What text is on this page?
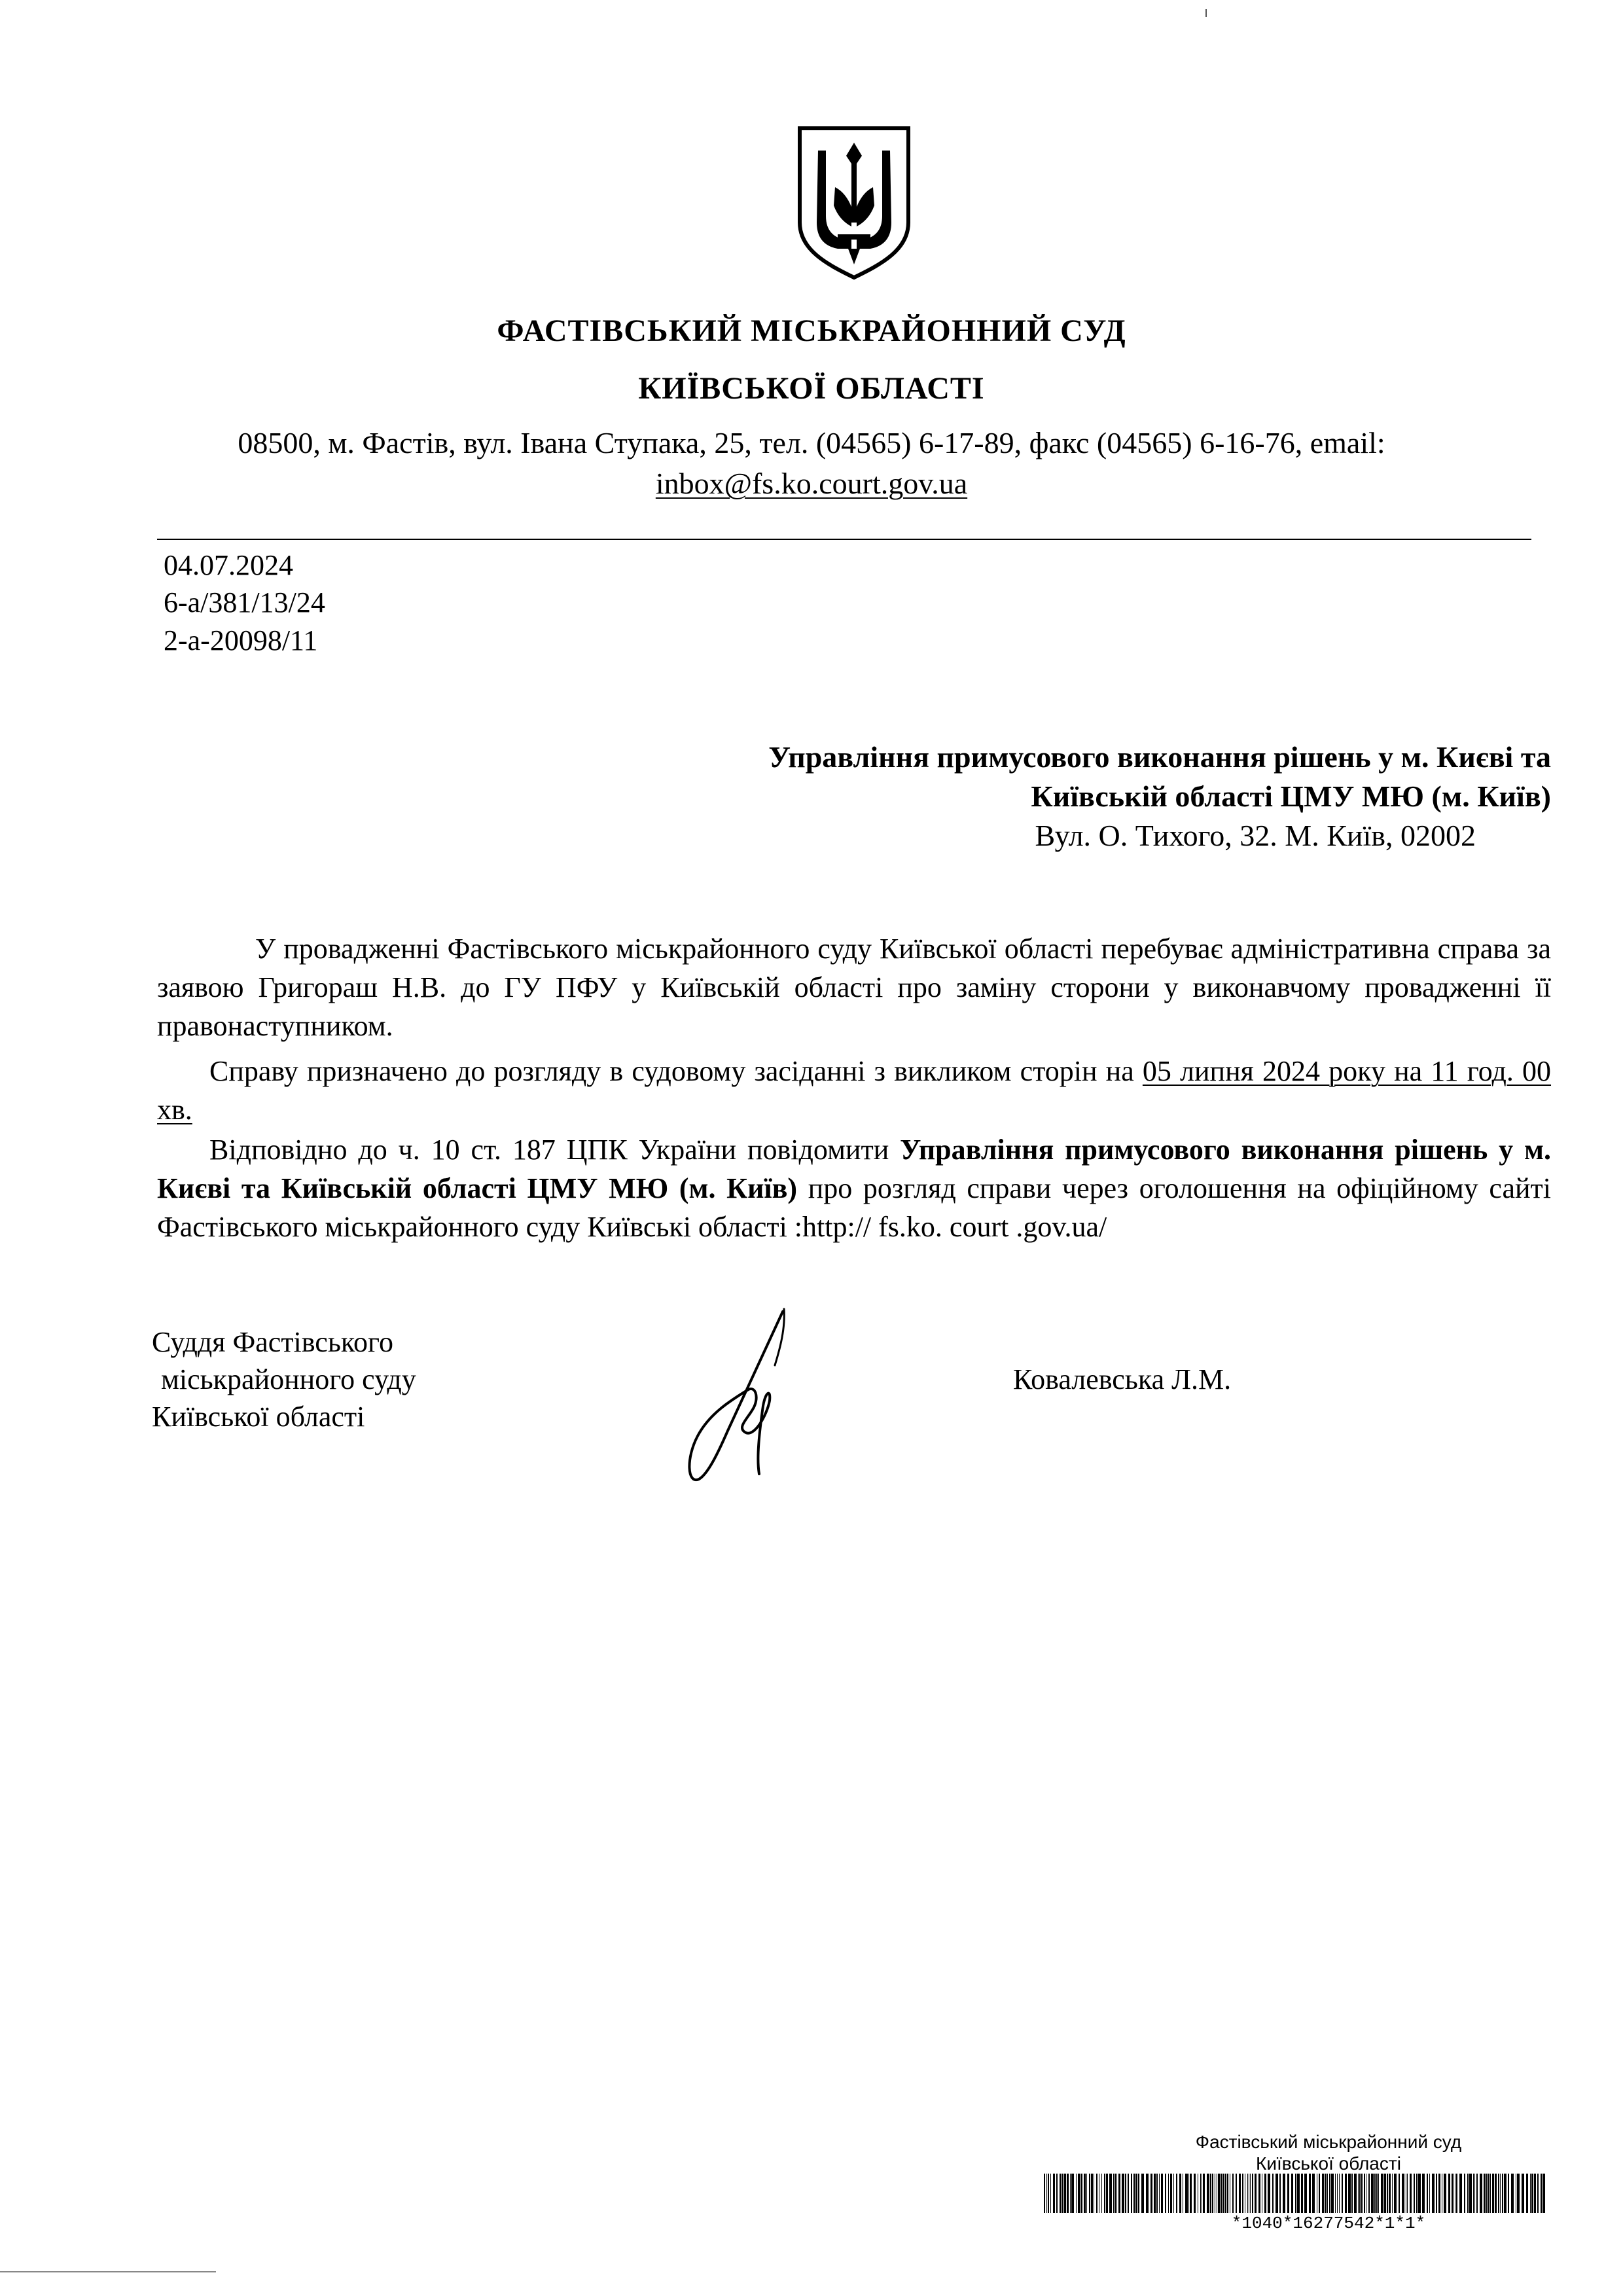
ФАСТІВСЬКИЙ МІСЬКРАЙОННИЙ СУД
КИЇВСЬКОЇ ОБЛАСТІ
08500, м. Фастів, вул. Івана Ступака, 25, тел. (04565) 6-17-89, факс (04565) 6-16-76, email:
inbox@fs.ko.court.gov.ua
04.07.2024
6-а/381/13/24
2-а-20098/11
Управління примусового виконання рішень у м. Києві та
Київській області ЦМУ МЮ (м. Київ)
Вул. О. Тихого, 32. М. Київ, 02002
У провадженні Фастівського міськрайонного суду Київської області перебуває адміністративна справа за заявою Григораш Н.В. до ГУ ПФУ у Київській області про заміну сторони у виконавчому провадженні її правонаступником.
Справу призначено до розгляду в судовому засіданні з викликом сторін на 05 липня 2024 року на 11 год. 00 хв.
Відповідно до ч. 10 ст. 187 ЦПК України повідомити Управління примусового виконання рішень у м. Києві та Київській області ЦМУ МЮ (м. Київ) про розгляд справи через оголошення на офіційному сайті Фастівського міськрайонного суду Київські області :http:// fs.ko. court .gov.ua/
Суддя Фастівського
міськрайонного суду
Київської області
Ковалевська Л.М.
Фастівський міськрайонний суд
Київської області
*1040*16277542*1*1*
